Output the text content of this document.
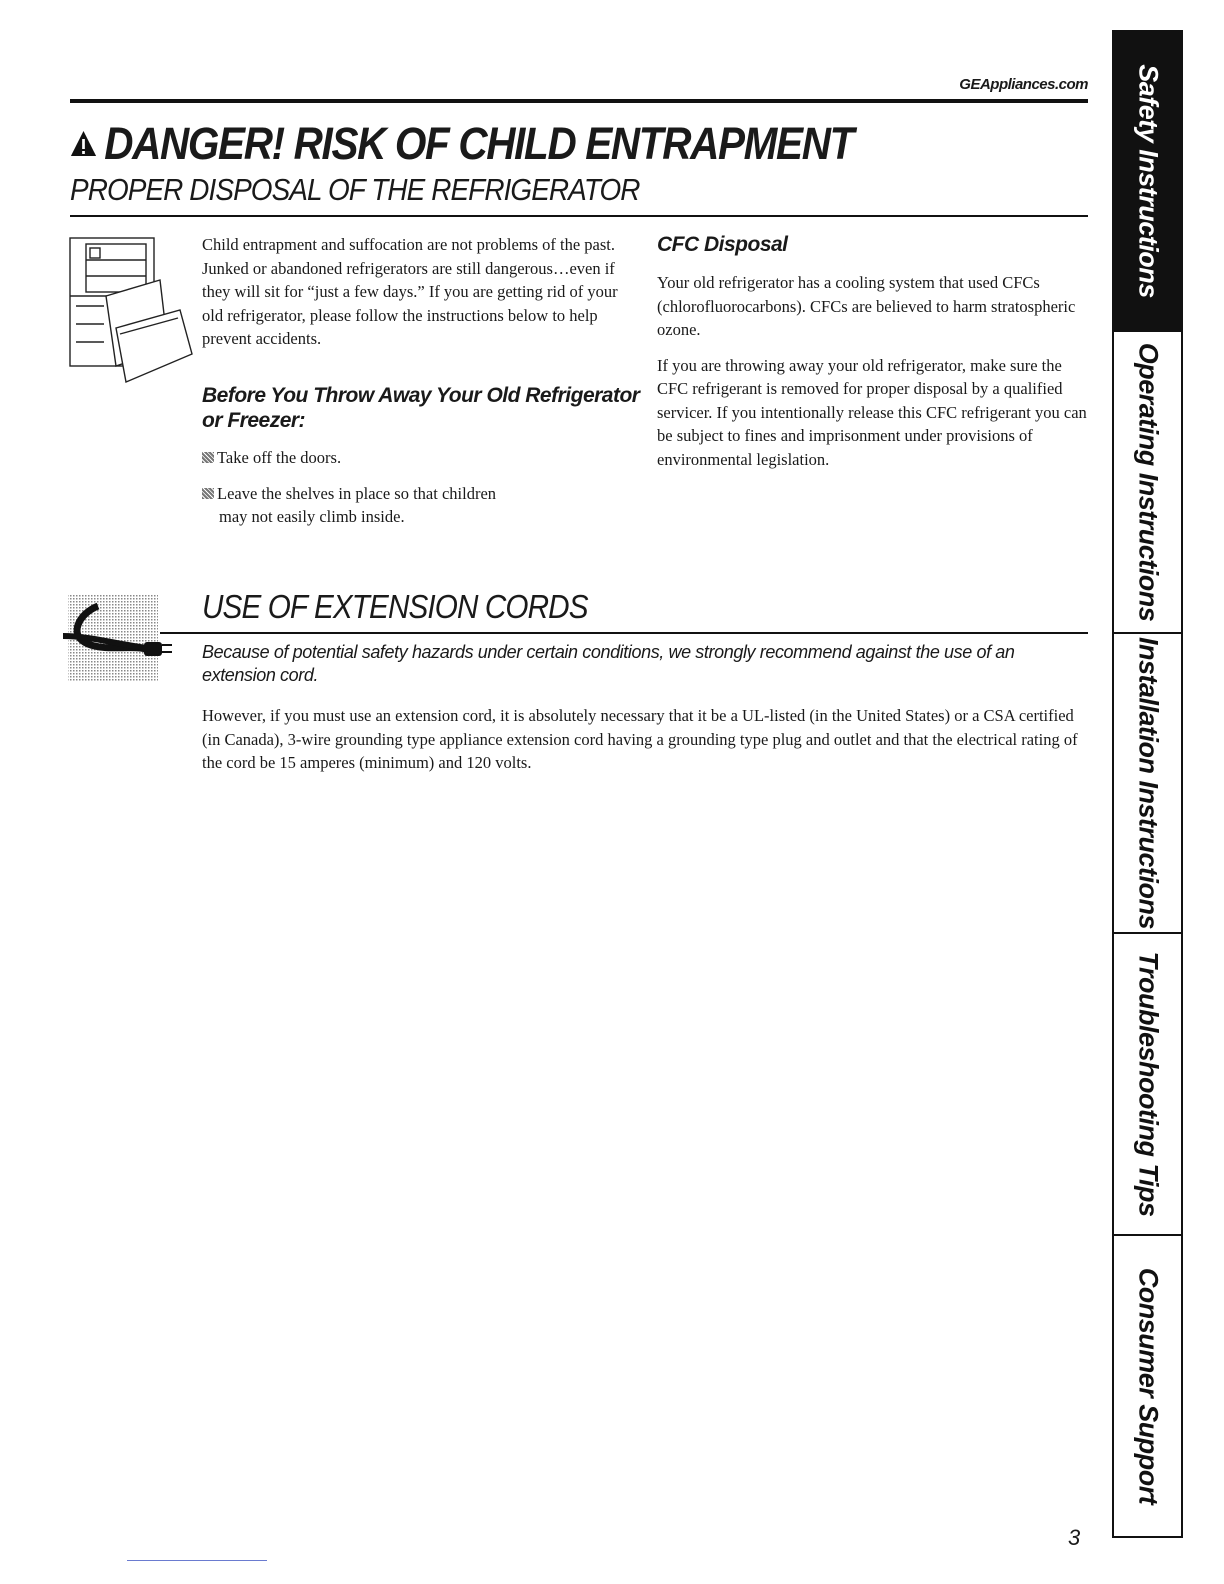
GEAppliances.com
DANGER! RISK OF CHILD ENTRAPMENT
PROPER DISPOSAL OF THE REFRIGERATOR
Child entrapment and suffocation are not problems of the past. Junked or abandoned refrigerators are still dangerous…even if they will sit for “just a few days.” If you are getting rid of your old refrigerator, please follow the instructions below to help prevent accidents.
Before You Throw Away Your Old Refrigerator or Freezer:
Take off the doors.
Leave the shelves in place so that children
may not easily climb inside.
CFC Disposal

Your old refrigerator has a cooling system that used CFCs (chlorofluorocarbons). CFCs are believed to harm stratospheric ozone.

If you are throwing away your old refrigerator, make sure the CFC refrigerant is removed for proper disposal by a qualified servicer. If you intentionally release this CFC refrigerant you can be subject to fines and imprisonment under provisions of environmental legislation.

USE OF EXTENSION CORDS
Because of potential safety hazards under certain conditions, we strongly recommend against the use of an extension cord.
However, if you must use an extension cord, it is absolutely necessary that it be a UL-listed (in the United States) or a CSA certified (in Canada), 3-wire grounding type appliance extension cord having a grounding type plug and outlet and that the electrical rating of the cord be 15 amperes (minimum) and 120 volts.
3
Safety Instructions
Operating Instructions
Installation Instructions
Troubleshooting Tips
Consumer Support
